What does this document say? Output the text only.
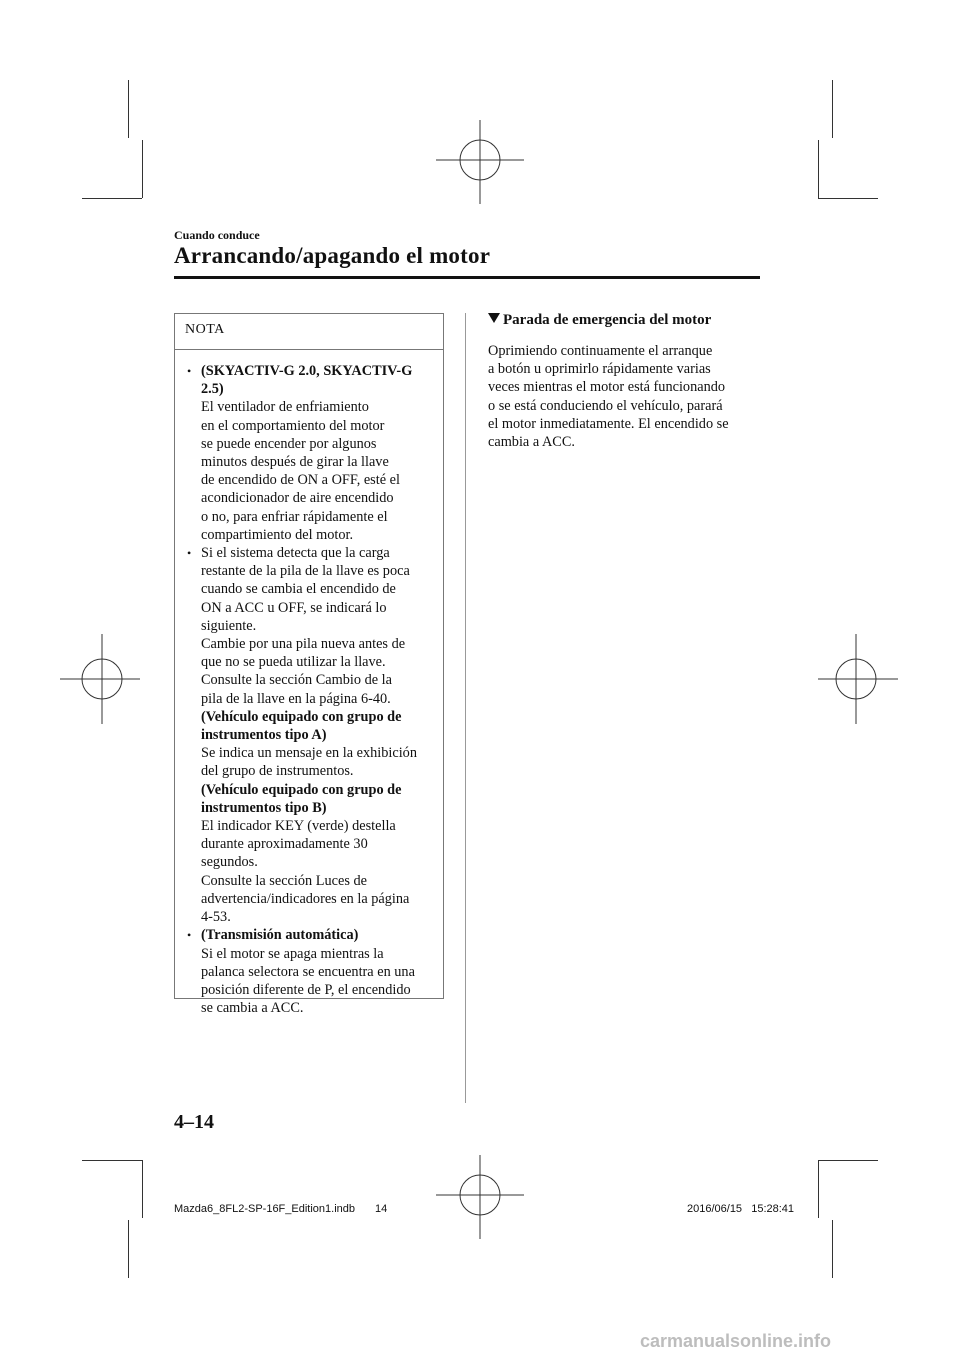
Cuando conduce
Arrancando/apagando el motor
NOTA
• (SKYACTIV-G 2.0, SKYACTIV-G
2.5)
El ventilador de enfriamiento
en el comportamiento del motor
se puede encender por algunos
minutos después de girar la llave
de encendido de ON a OFF, esté el
acondicionador de aire encendido
o no, para enfriar rápidamente el
compartimiento del motor.
• Si el sistema detecta que la carga
restante de la pila de la llave es poca
cuando se cambia el encendido de
ON a ACC u OFF, se indicará lo
siguiente.
Cambie por una pila nueva antes de
que no se pueda utilizar la llave.
Consulte la sección Cambio de la
pila de la llave en la página 6-40.
(Vehículo equipado con grupo de
instrumentos tipo A)
Se indica un mensaje en la exhibición
del grupo de instrumentos.
(Vehículo equipado con grupo de
instrumentos tipo B)
El indicador KEY (verde) destella
durante aproximadamente 30
segundos.
Consulte la sección Luces de
advertencia/indicadores en la página
4-53.
• (Transmisión automática)
Si el motor se apaga mientras la
palanca selectora se encuentra en una
posición diferente de P, el encendido
se cambia a ACC.
Parada de emergencia del motor
Oprimiendo continuamente el arranque
a botón u oprimirlo rápidamente varias
veces mientras el motor está funcionando
o se está conduciendo el vehículo, parará
el motor inmediatamente. El encendido se
cambia a ACC.
4–14
Mazda6_8FL2-SP-16F_Edition1.indb 14	2016/06/15   15:28:41
carmanualsonline.info
